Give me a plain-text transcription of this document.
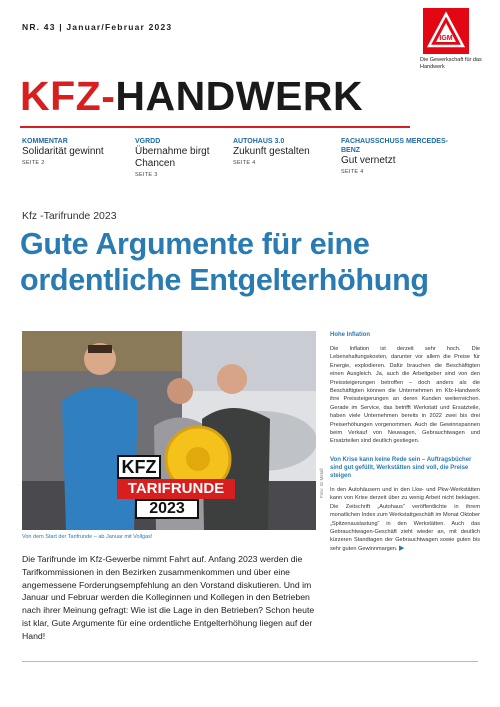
NR. 43 | Januar/Februar 2023
IGM
Die Gewerkschaft für das Handwerk
KFZ-HANDWERK
KOMMENTAR
Solidarität gewinnt
SEITE 2
VGRDD
Übernahme birgt Chancen
SEITE 3
AUTOHAUS 3.0
Zukunft gestalten
SEITE 4
FACHAUSSCHUSS MERCEDES-BENZ
Gut vernetzt
SEITE 4
Kfz -Tarifrunde 2023
Gute Argumente für eine ordentliche Entgelterhöhung
KFZ
TARIFRUNDE
2023
Foto: IG Metall
Von dem Start der Tarifrunde – ab Januar mit Vollgas!

Die Tarifrunde im Kfz-Gewerbe nimmt Fahrt auf. Anfang 2023 werden die Tarifkommissionen in den Bezirken zusammenkommen und über eine angemessene Forderungsempfehlung an den Vorstand diskutieren. Und im Januar und Februar werden die Kolleginnen und Kollegen in den Betrieben nach ihrer Meinung gefragt: Wie ist die Lage in den Betrieben? Schon heute ist klar, Gute Argumente für eine ordentliche Entgelterhöhung liegen auf der Hand!

Hohe Inflation

Die Inflation ist derzeit sehr hoch. Die Lebenshaltungskosten, darunter vor allem die Preise für Energie, explodieren. Dafür brauchen die Beschäftigten einen Ausgleich. Ja, auch die Arbeitgeber sind von den Preissteigerungen betroffen – doch anders als die Beschäftigten können die Unternehmen im Kfz-Handwerk ihre Preissteigerungen an deren Kunden weiterreichen. Gerade im Service, das betrifft Werkstatt und Ersatzteile, haben viele Unternehmen bereits in 2022 zwei bis drei Preiserhöhungen vorgenommen. Auch die Gewinnspannen beim Verkauf von Neuwagen, Gebrauchtwagen und Ersatzteilen sind deutlich gestiegen.

Von Krise kann keine Rede sein – Auftragsbücher sind gut gefüllt, Werkstätten sind voll, die Preise steigen

In den Autohäusern und in den Lkw- und Pkw-Werkstätten kann von Krise derzeit über zu wenig Arbeit nicht beklagen. Die Zeitschrift „Autohaus“ veröffentlichte in ihrem monatlichen Index zum Werkstattgeschäft im Monat Oktober „Spitzenauslastung“ in den Werkstätten. Auch das Gebrauchtwagen-Geschäft zieht wieder an, mit deutlich kürzeren Standtagen der Gebrauchtwagen sowie guten bis sehr guten Gewinnmargen. ▶
